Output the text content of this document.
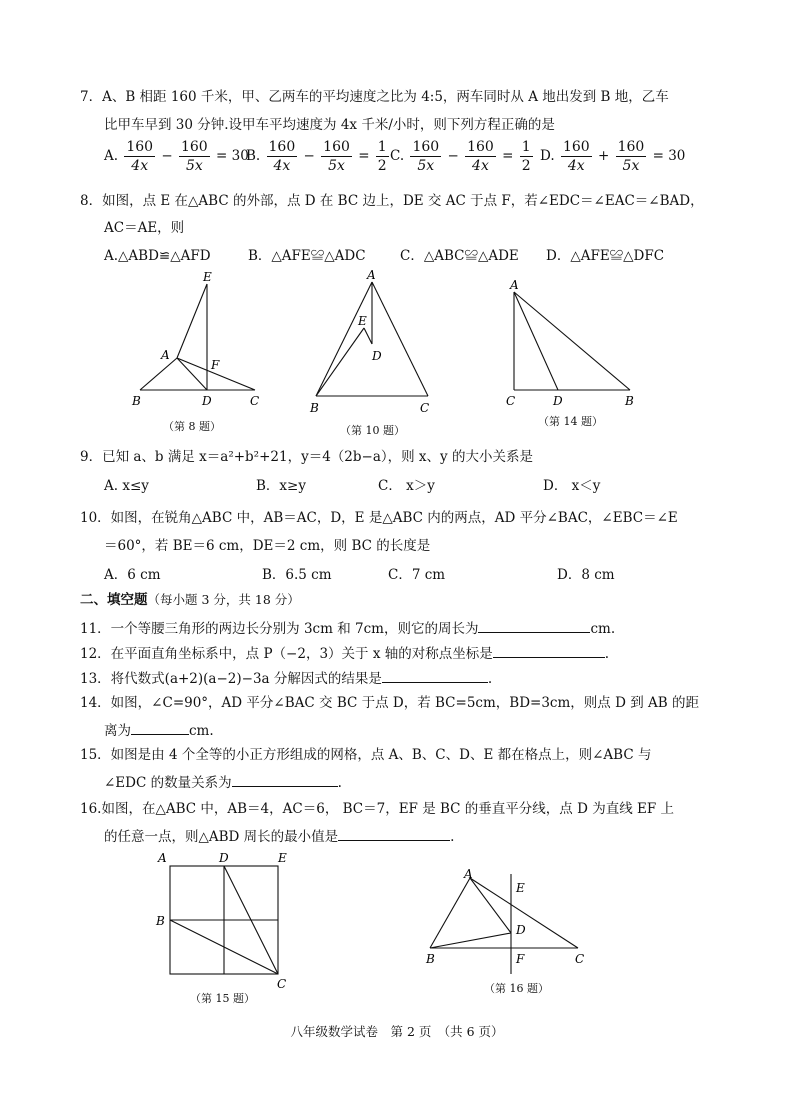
7．A、B 相距 160 千米，甲、乙两车的平均速度之比为 4:5，两车同时从 A 地出发到 B 地，乙车
比甲车早到 30 分钟.设甲车平均速度为 4x 千米/小时，则下列方程正确的是
A. $\frac{160}{4x} - \frac{160}{5x} = 30$
B. $\frac{160}{4x} - \frac{160}{5x} = \frac{1}{2} C$. $\frac{160}{5x} - \frac{160}{4x} = \frac{1}{2} D$. $\frac{160}{4x} + \frac{160}{5x} = 30$
8．如图，点 E 在△ABC 的外部，点 D 在 BC 边上，DE 交 AC 于点 F，若∠EDC＝∠EAC＝∠BAD，
AC＝AE，则
A.△ABD≌△AFD	B．△AFE≌△ADC	C．△ABC≌△ADE D．△AFE≌△DFC
E
A
F
B	D	C
（第 8 题）
A
E
D
B	C
（第 10 题）
A
C	D	B
（第 14 题）
9．已知 a、b 满足 x＝a²+b²+21，y＝4（2b−a），则 x、y 的大小关系是
A. x≤y	B．x≥y	C． x＞y	D． x＜y
10．如图，在锐角△ABC 中，AB＝AC，D，E 是△ABC 内的两点，AD 平分∠BAC，∠EBC＝∠E
＝60°，若 BE＝6 cm，DE＝2 cm，则 BC 的长度是
A．6 cm	B．6.5 cm	C．7 cm	D．8 cm
二、填空题（每小题 3 分，共 18 分）
11．一个等腰三角形的两边长分别为 3cm 和 7cm，则它的周长为	cm.
12．在平面直角坐标系中，点 P（−2，3）关于 x 轴的对称点坐标是	.
13．将代数式(a+2)(a−2)−3a 分解因式的结果是	.
14．如图，∠C=90°，AD 平分∠BAC 交 BC 于点 D，若 BC=5cm，BD=3cm，则点 D 到 AB 的距
离为	cm.
15．如图是由 4 个全等的小正方形组成的网格，点 A、B、C、D、E 都在格点上，则∠ABC 与
∠EDC 的数量关系为	.
16.如图，在△ABC 中，AB＝4，AC＝6， BC＝7，EF 是 BC 的垂直平分线，点 D 为直线 EF 上
的任意一点，则△ABD 周长的最小值是	.
A	D	E
B
C
（第 15 题）
A
E
D
B	F	C
（第 16 题）
八年级数学试卷　第 2 页　（共 6 页）
